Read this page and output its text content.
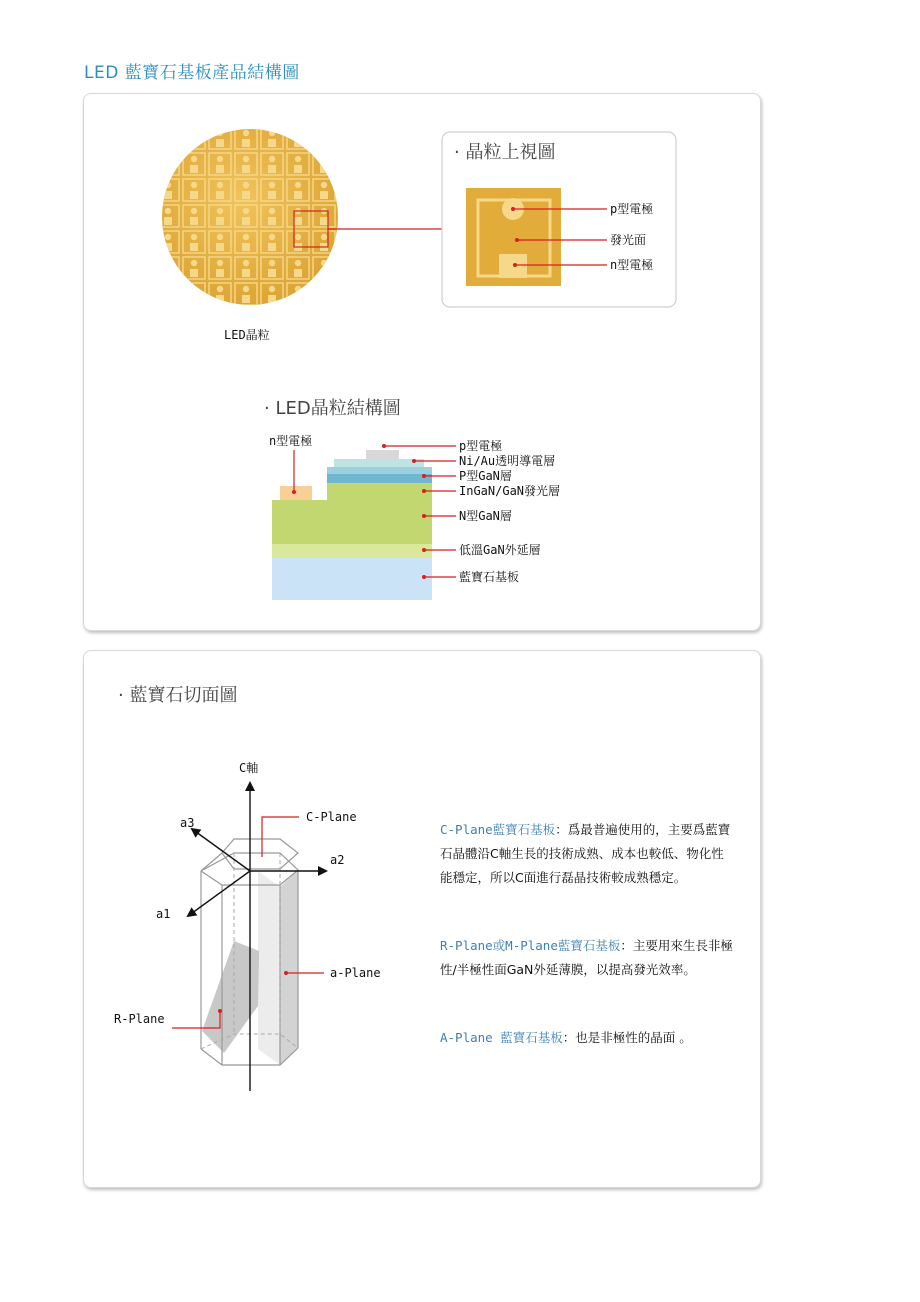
LED 藍寶石基板產品結構圖
LED晶粒
· 晶粒上視圖
p型電極
發光面
n型電極
· LED晶粒結構圖
n型電極	p型電極
Ni/Au透明導電層
P型GaN層
InGaN/GaN發光層
N型GaN層
低溫GaN外延層
藍寶石基板
· 藍寶石切面圖
C軸
a3
a2
a1
C-Plane
a-Plane
R-Plane
C-Plane藍寶石基板：爲最普遍使用的，主要爲藍寶石晶體沿C軸生長的技術成熟、成本也較低、物化性能穩定，所以C面進行磊晶技術較成熟穩定。
R-Plane或M-Plane藍寶石基板：主要用來生長非極性/半極性面GaN外延薄膜，以提高發光效率。
A-Plane 藍寶石基板：也是非極性的晶面 。
